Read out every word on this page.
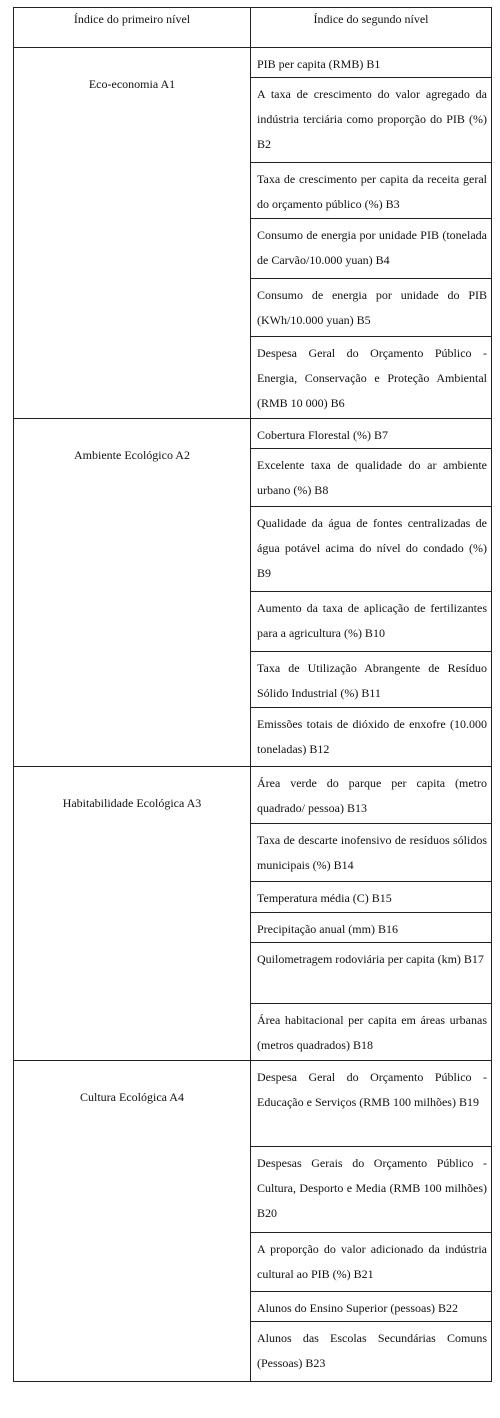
Índice do primeiro nível	Índice do segundo nível
Eco-economia A1	PIB per capita (RMB) B1
	A taxa de crescimento do valor agregado da indústria terciária como proporção do PIB (%) B2
	Taxa de crescimento per capita da receita geral do orçamento público (%) B3
	Consumo de energia por unidade PIB (tonelada de Carvão/10.000 yuan) B4
	Consumo de energia por unidade do PIB (KWh/10.000 yuan) B5
	Despesa Geral do Orçamento Público - Energia, Conservação e Proteção Ambiental (RMB 10 000) B6
Ambiente Ecológico A2	Cobertura Florestal (%) B7
	Excelente taxa de qualidade do ar ambiente urbano (%) B8
	Qualidade da água de fontes centralizadas de água potável acima do nível do condado (%) B9
	Aumento da taxa de aplicação de fertilizantes para a agricultura (%) B10
	Taxa de Utilização Abrangente de Resíduo Sólido Industrial (%) B11
	Emissões totais de dióxido de enxofre (10.000 toneladas) B12
Habitabilidade Ecológica A3	Área verde do parque per capita (metro quadrado/ pessoa) B13
	Taxa de descarte inofensivo de resíduos sólidos municipais (%) B14
	Temperatura média (C) B15
	Precipitação anual (mm) B16
	Quilometragem rodoviária per capita (km) B17
	Área habitacional per capita em áreas urbanas (metros quadrados) B18
Cultura Ecológica A4	Despesa Geral do Orçamento Público - Educação e Serviços (RMB 100 milhões) B19
	Despesas Gerais do Orçamento Público - Cultura, Desporto e Media (RMB 100 milhões) B20
	A proporção do valor adicionado da indústria cultural ao PIB (%) B21
	Alunos do Ensino Superior (pessoas) B22
	Alunos das Escolas Secundárias Comuns (Pessoas) B23
